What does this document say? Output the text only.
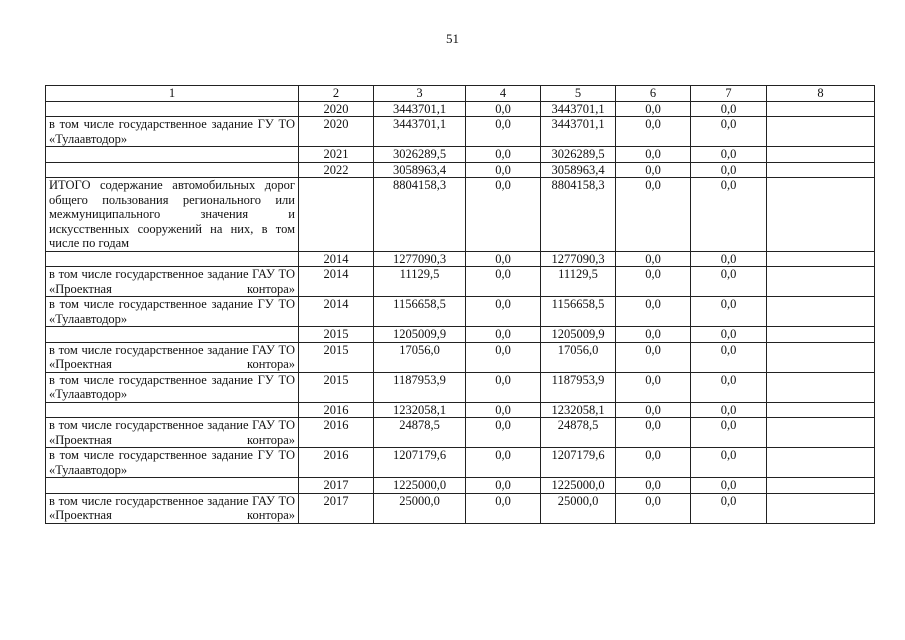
51
1	2	3	4	5	6	7	8
	2020	3443701,1	0,0	3443701,1	0,0	0,0	
в том числе государственное задание ГУ ТО «Тулаавтодор»	2020	3443701,1	0,0	3443701,1	0,0	0,0	
	2021	3026289,5	0,0	3026289,5	0,0	0,0	
	2022	3058963,4	0,0	3058963,4	0,0	0,0	
ИТОГО содержание автомобильных дорог общего пользования регионального или межмуниципального значения и искусственных сооружений на них, в том числе по годам		8804158,3	0,0	8804158,3	0,0	0,0	
	2014	1277090,3	0,0	1277090,3	0,0	0,0	
в том числе государственное задание ГАУ ТО «Проектная контора»	2014	11129,5	0,0	11129,5	0,0	0,0	
в том числе государственное задание ГУ ТО «Тулаавтодор»	2014	1156658,5	0,0	1156658,5	0,0	0,0	
	2015	1205009,9	0,0	1205009,9	0,0	0,0	
в том числе государственное задание ГАУ ТО «Проектная контора»	2015	17056,0	0,0	17056,0	0,0	0,0	
в том числе государственное задание ГУ ТО «Тулаавтодор»	2015	1187953,9	0,0	1187953,9	0,0	0,0	
	2016	1232058,1	0,0	1232058,1	0,0	0,0	
в том числе государственное задание ГАУ ТО «Проектная контора»	2016	24878,5	0,0	24878,5	0,0	0,0	
в том числе государственное задание ГУ ТО «Тулаавтодор»	2016	1207179,6	0,0	1207179,6	0,0	0,0	
	2017	1225000,0	0,0	1225000,0	0,0	0,0	
в том числе государственное задание ГАУ ТО «Проектная контора»	2017	25000,0	0,0	25000,0	0,0	0,0	
